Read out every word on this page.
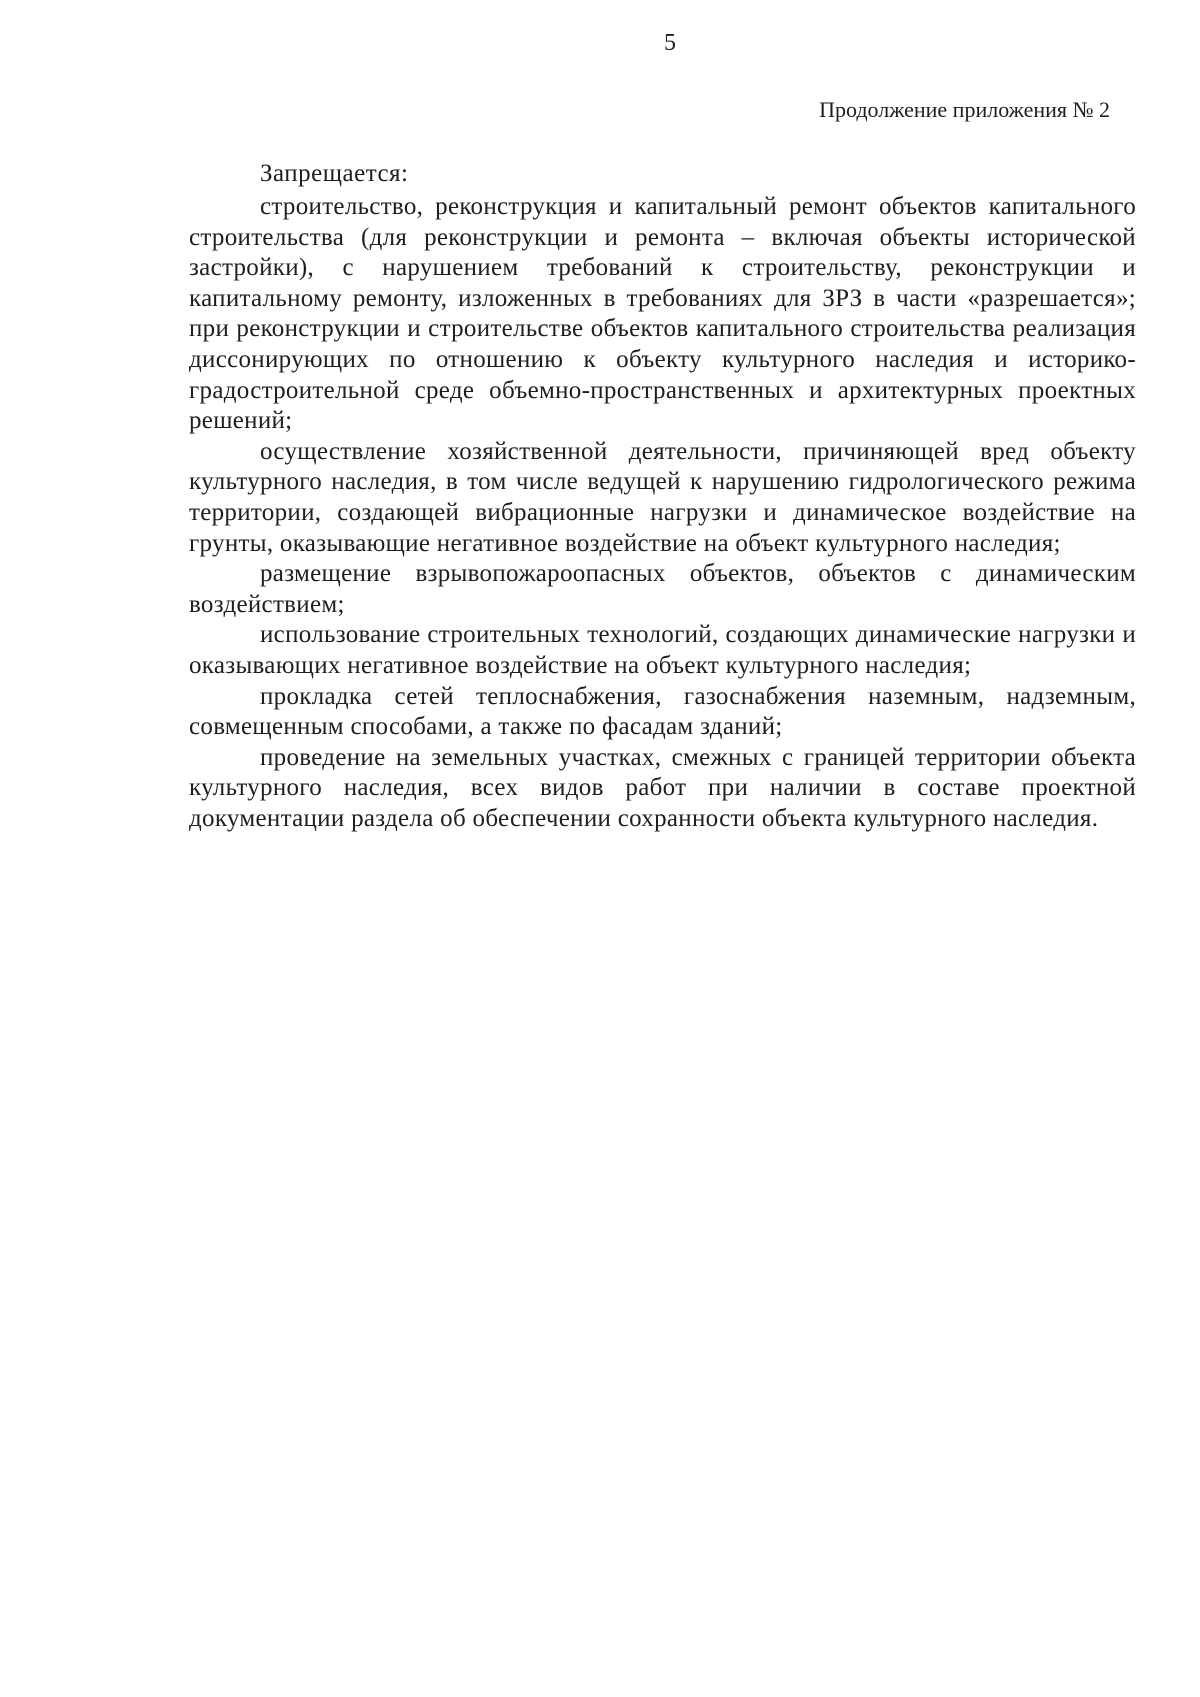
5
Продолжение приложения № 2
Запрещается:

строительство, реконструкция и капитальный ремонт объектов капитального строительства (для реконструкции и ремонта – включая объекты исторической застройки), с нарушением требований к строительству, реконструкции и капитальному ремонту, изложенных в требованиях для ЗРЗ в части «разрешается»; при реконструкции и строительстве объектов капитального строительства реализация диссонирующих по отношению к объекту культурного наследия и историко-градостроительной среде объемно-пространственных и архитектурных проектных решений;

осуществление хозяйственной деятельности, причиняющей вред объекту культурного наследия, в том числе ведущей к нарушению гидрологического режима территории, создающей вибрационные нагрузки и динамическое воздействие на грунты, оказывающие негативное воздействие на объект культурного наследия;

размещение взрывопожароопасных объектов, объектов с динамическим воздействием;

использование строительных технологий, создающих динамические нагрузки и оказывающих негативное воздействие на объект культурного наследия;

прокладка сетей теплоснабжения, газоснабжения наземным, надземным, совмещенным способами, а также по фасадам зданий;

проведение на земельных участках, смежных с границей территории объекта культурного наследия, всех видов работ при наличии в составе проектной документации раздела об обеспечении сохранности объекта культурного наследия.
